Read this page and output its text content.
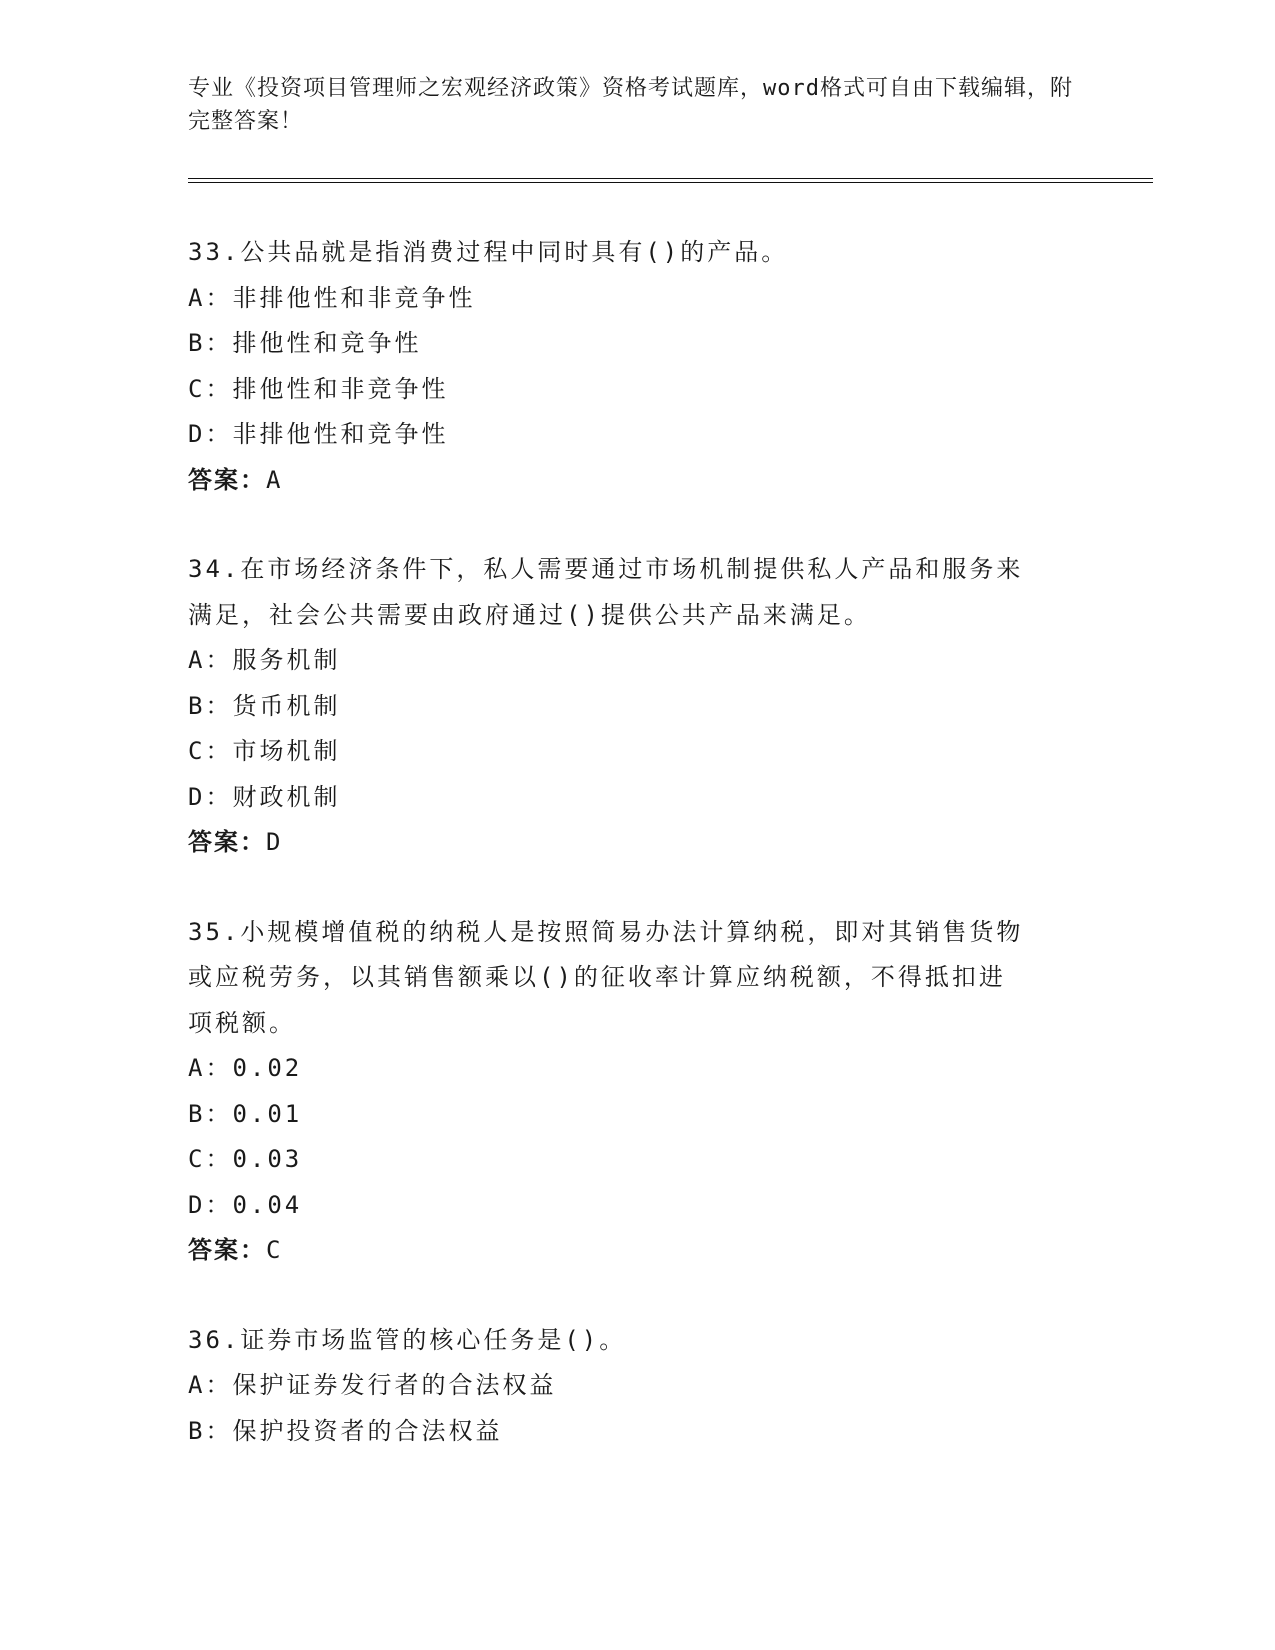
专业《投资项目管理师之宏观经济政策》资格考试题库，word格式可自由下载编辑，附完整答案！
33.公共品就是指消费过程中同时具有()的产品。
A：非排他性和非竞争性
B：排他性和竞争性
C：排他性和非竞争性
D：非排他性和竞争性
答案：A
34.在市场经济条件下，私人需要通过市场机制提供私人产品和服务来
满足，社会公共需要由政府通过()提供公共产品来满足。
A：服务机制
B：货币机制
C：市场机制
D：财政机制
答案：D
35.小规模增值税的纳税人是按照简易办法计算纳税，即对其销售货物
或应税劳务，以其销售额乘以()的征收率计算应纳税额，不得抵扣进
项税额。
A：0.02
B：0.01
C：0.03
D：0.04
答案：C
36.证券市场监管的核心任务是()。
A：保护证券发行者的合法权益
B：保护投资者的合法权益
